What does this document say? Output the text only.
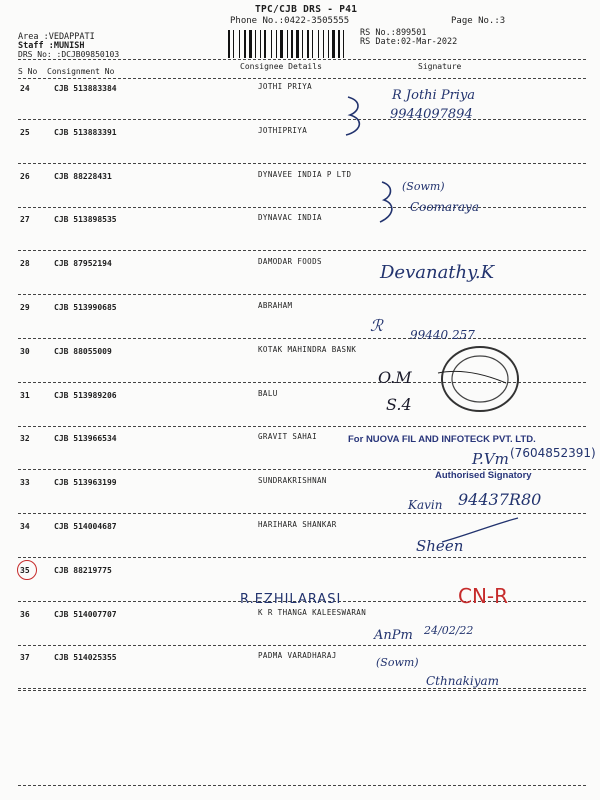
TPC/CJB DRS - P41
Phone No.:0422-3505555	Page No.:3
Area :VEDAPPATI
Staff :MUNISH
DRS No: :DCJB09850103
RS No.:899501
RS Date:02-Mar-2022
S No Consignment No
Consignee Details	Signature
24	CJB 513883384	JOTHI PRIYA
25	CJB 513883391	JOTHIPRIYA
26	CJB 88228431	DYNAVEE INDIA P LTD
27	CJB 513898535	DYNAVAC INDIA
28	CJB 87952194	DAMODAR FOODS
29	CJB 513990685	ABRAHAM
30	CJB 88055009	KOTAK MAHINDRA BASNK
31	CJB 513989206	BALU
32	CJB 513966534	GRAVIT SAHAI
33	CJB 513963199	SUNDRAKRISHNAN
34	CJB 514004687	HARIHARA SHANKAR
35	CJB 88219775
36	CJB 514007707	K R THANGA KALEESWARAN
37	CJB 514025355	PADMA VARADHARAJ
For NUOVA FIL AND INFOTECK PVT. LTD.
Authorised Signatory
R Jothi Priya
9944097894
(Sowm)
Coomaraya
Devanathy.K
ℛ 99440 257
O.M
S.4
(7604852391)
P.Vm
Kavin 94437R80
Sheen
R.EZHILARASI	CN-R
AnPm 24/02/22
(Sowm)
Cthnakiyam
